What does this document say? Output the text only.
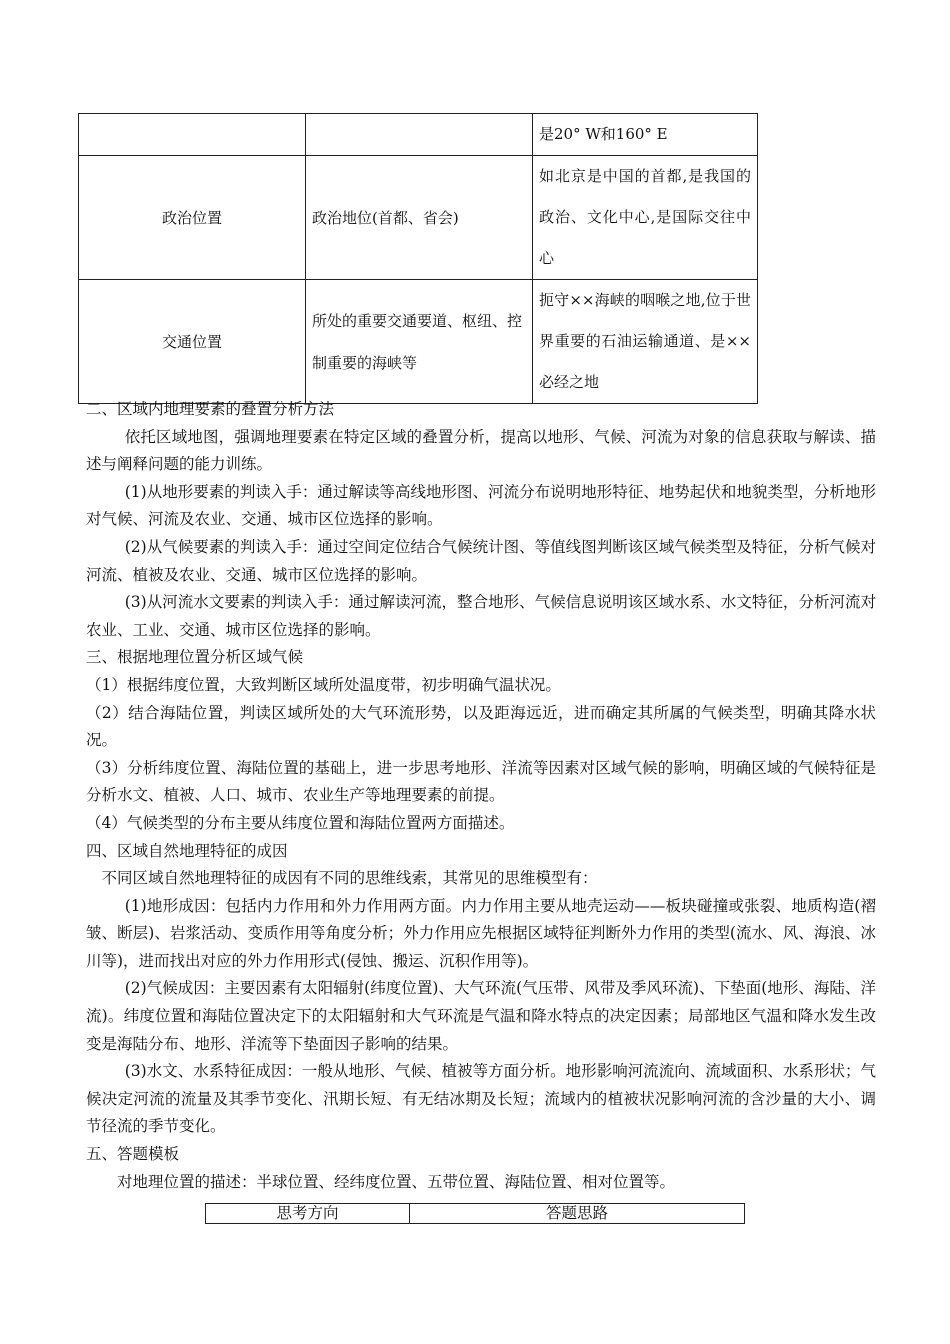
		是20° W和160° E
政治位置	政治地位(首都、省会)	如北京是中国的首都,是我国的政治、文化中心,是国际交往中心
交通位置	所处的重要交通要道、枢纽、控制重要的海峡等	扼守××海峡的咽喉之地,位于世界重要的石油运输通道、是××必经之地

二、区域内地理要素的叠置分析方法

依托区域地图，强调地理要素在特定区域的叠置分析，提高以地形、气候、河流为对象的信息获取与解读、描述与阐释问题的能力训练。

(1)从地形要素的判读入手：通过解读等高线地形图、河流分布说明地形特征、地势起伏和地貌类型，分析地形对气候、河流及农业、交通、城市区位选择的影响。

(2)从气候要素的判读入手：通过空间定位结合气候统计图、等值线图判断该区域气候类型及特征，分析气候对河流、植被及农业、交通、城市区位选择的影响。

(3)从河流水文要素的判读入手：通过解读河流，整合地形、气候信息说明该区域水系、水文特征，分析河流对农业、工业、交通、城市区位选择的影响。

三、根据地理位置分析区域气候

（1）根据纬度位置，大致判断区域所处温度带，初步明确气温状况。

（2）结合海陆位置，判读区域所处的大气环流形势，以及距海远近，进而确定其所属的气候类型，明确其降水状况。

（3）分析纬度位置、海陆位置的基础上，进一步思考地形、洋流等因素对区域气候的影响，明确区域的气候特征是分析水文、植被、人口、城市、农业生产等地理要素的前提。

（4）气候类型的分布主要从纬度位置和海陆位置两方面描述。

四、区域自然地理特征的成因

不同区域自然地理特征的成因有不同的思维线索，其常见的思维模型有：

(1)地形成因：包括内力作用和外力作用两方面。内力作用主要从地壳运动——板块碰撞或张裂、地质构造(褶皱、断层)、岩浆活动、变质作用等角度分析；外力作用应先根据区域特征判断外力作用的类型(流水、风、海浪、冰川等)，进而找出对应的外力作用形式(侵蚀、搬运、沉积作用等)。

(2)气候成因：主要因素有太阳辐射(纬度位置)、大气环流(气压带、风带及季风环流)、下垫面(地形、海陆、洋流)。纬度位置和海陆位置决定下的太阳辐射和大气环流是气温和降水特点的决定因素；局部地区气温和降水发生改变是海陆分布、地形、洋流等下垫面因子影响的结果。

(3)水文、水系特征成因：一般从地形、气候、植被等方面分析。地形影响河流流向、流域面积、水系形状；气候决定河流的流量及其季节变化、汛期长短、有无结冰期及长短；流域内的植被状况影响河流的含沙量的大小、调节径流的季节变化。

五、答题模板

对地理位置的描述：半球位置、经纬度位置、五带位置、海陆位置、相对位置等。

思考方向	答题思路
